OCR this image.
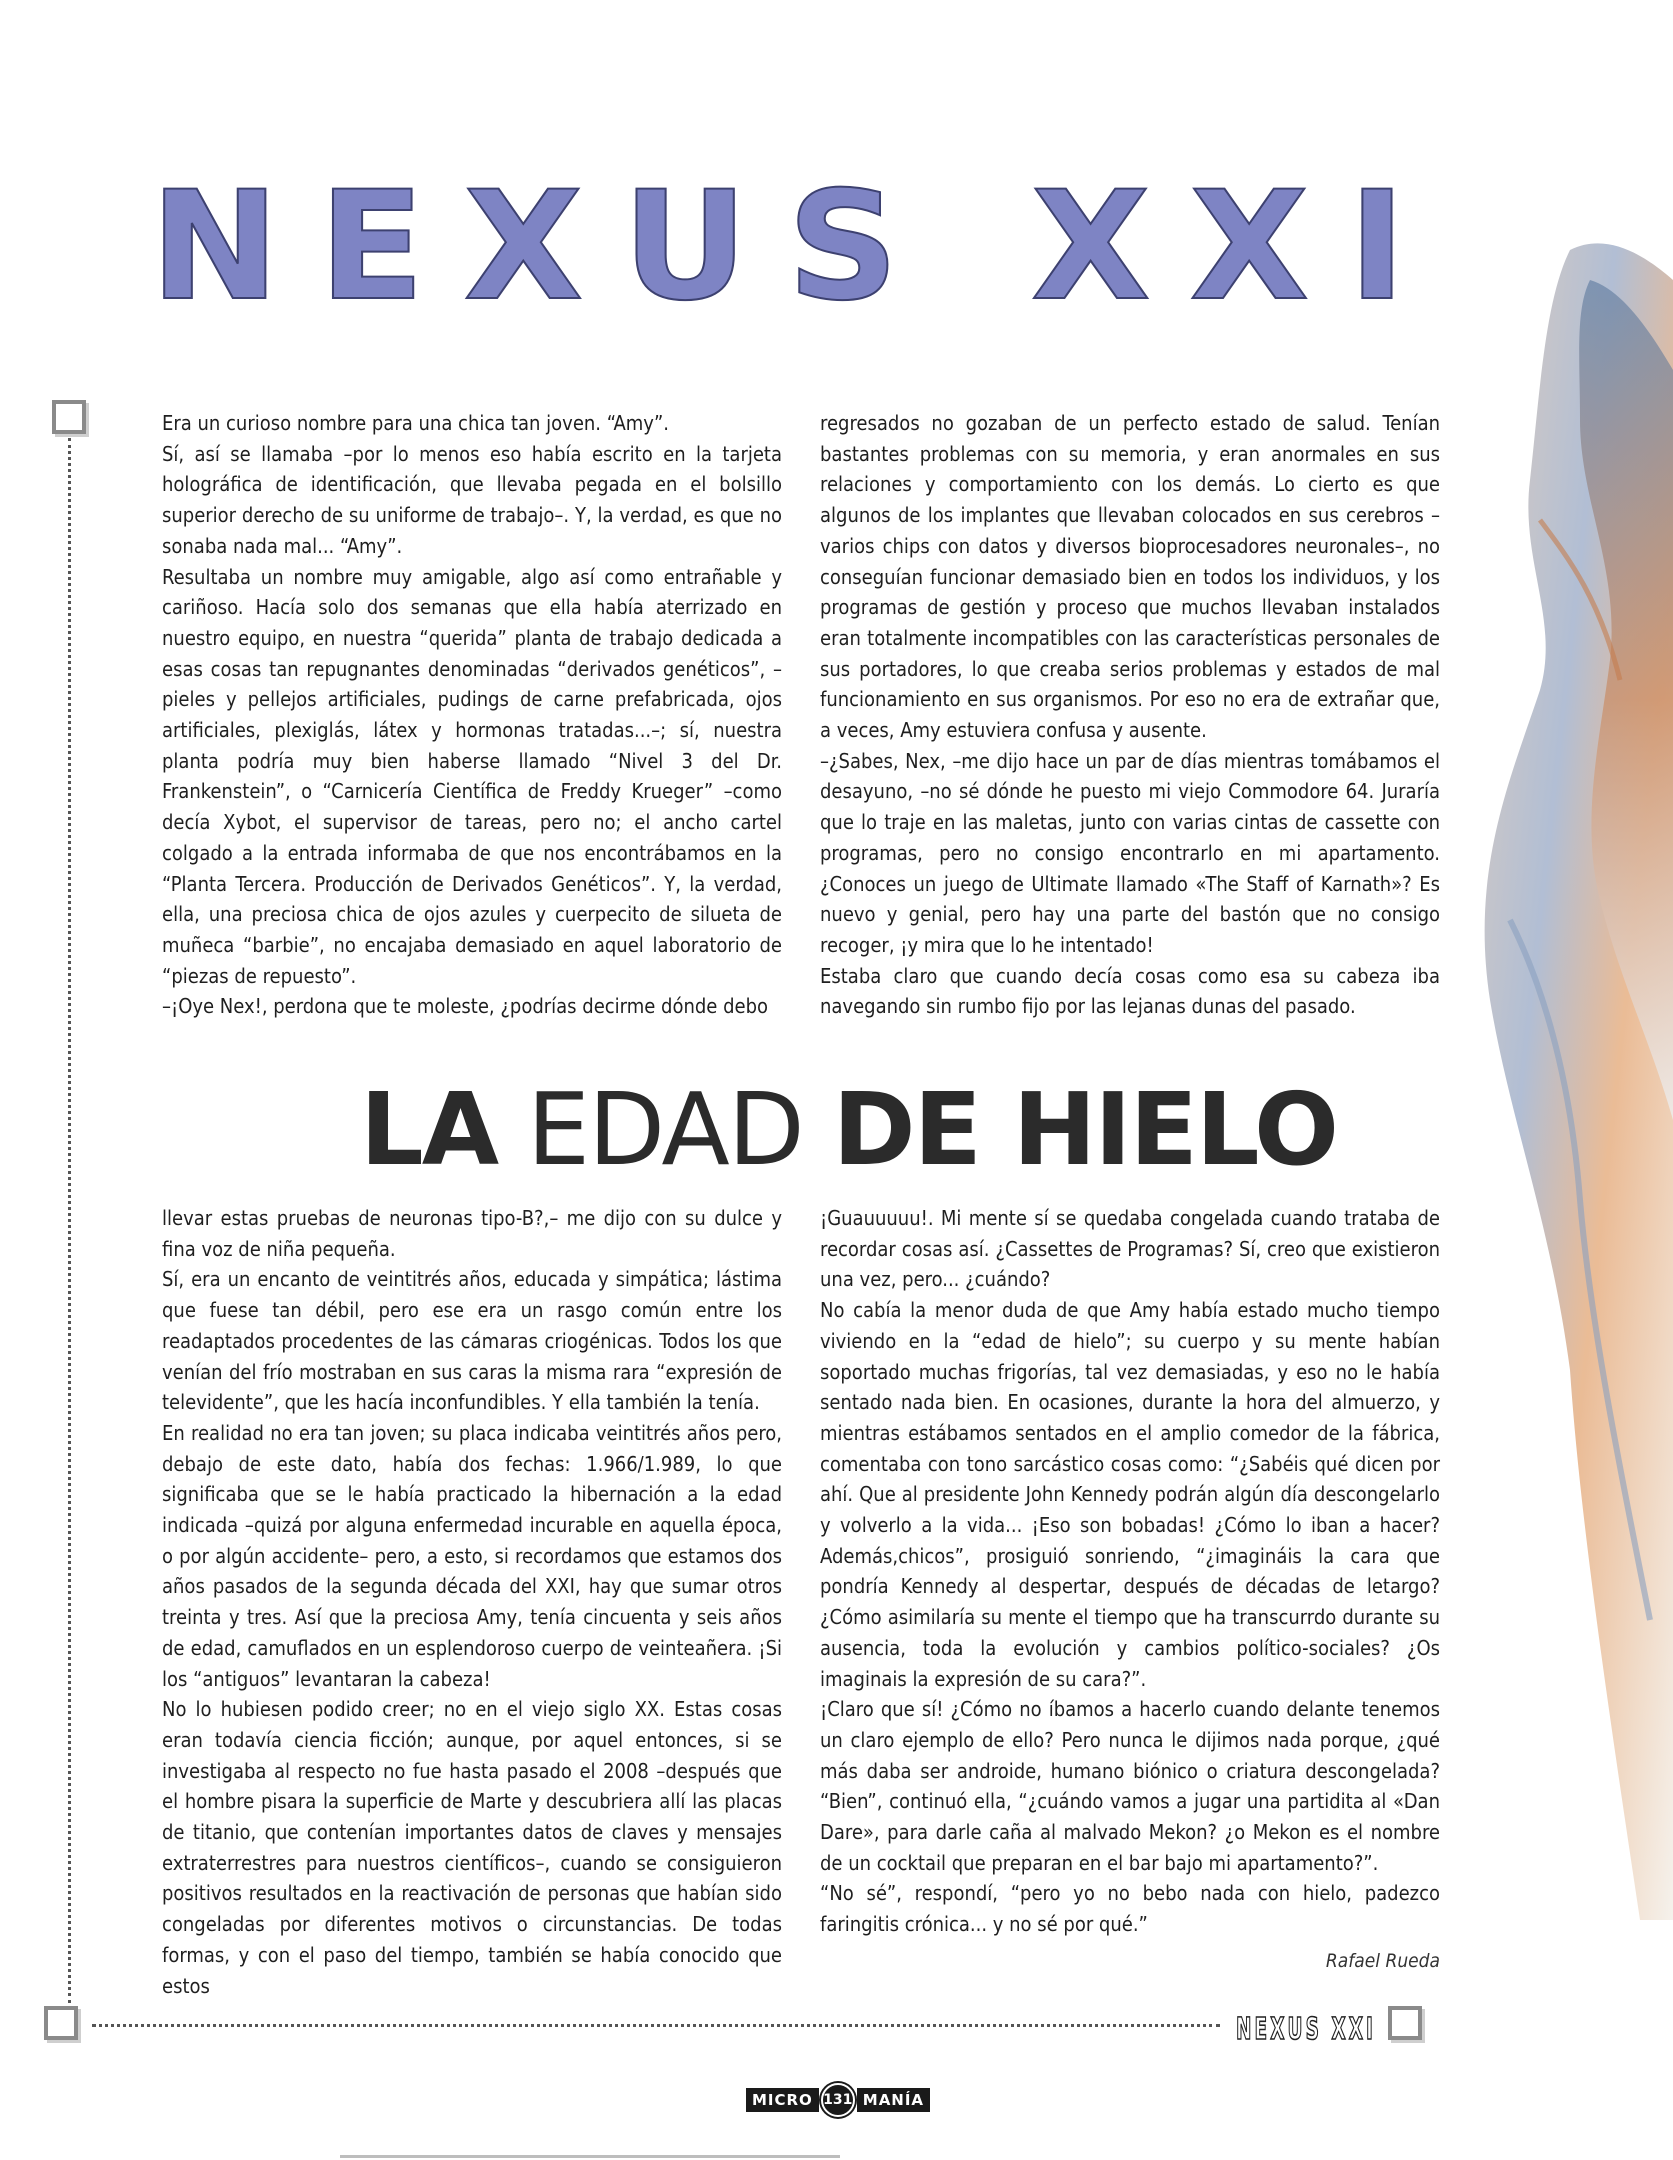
NEXUS XXI
NEXUS XXI

Era un curioso nombre para una chica tan joven. “Amy”.

Sí, así se llamaba –por lo menos eso había escrito en la tarjeta holográfica de identificación, que llevaba pegada en el bolsillo superior derecho de su uniforme de trabajo–. Y, la verdad, es que no sonaba nada mal... “Amy”.

Resultaba un nombre muy amigable, algo así como entrañable y cariñoso. Hacía solo dos semanas que ella había aterrizado en nuestro equipo, en nuestra “querida” planta de trabajo dedicada a esas cosas tan repugnantes denominadas “derivados genéticos”, –pieles y pellejos artificiales, pudings de carne prefabricada, ojos artificiales, plexiglás, látex y hormonas tratadas...–; sí, nuestra planta podría muy bien haberse llamado “Nivel 3 del Dr. Frankenstein”, o “Carnicería Científica de Freddy Krueger” –como decía Xybot, el supervisor de tareas, pero no; el ancho cartel colgado a la entrada informaba de que nos encontrábamos en la “Planta Tercera. Producción de Derivados Genéticos”. Y, la verdad, ella, una preciosa chica de ojos azules y cuerpecito de silueta de muñeca “barbie”, no encajaba demasiado en aquel laboratorio de “piezas de repuesto”.

–¡Oye Nex!, perdona que te moleste, ¿podrías decirme dónde debo

regresados no gozaban de un perfecto estado de salud. Tenían bastantes problemas con su memoria, y eran anormales en sus relaciones y comportamiento con los demás. Lo cierto es que algunos de los implantes que llevaban colocados en sus cerebros –varios chips con datos y diversos bioprocesadores neuronales–, no conseguían funcionar demasiado bien en todos los individuos, y los programas de gestión y proceso que muchos llevaban instalados eran totalmente incompatibles con las características personales de sus portadores, lo que creaba serios problemas y estados de mal funcionamiento en sus organismos. Por eso no era de extrañar que, a veces, Amy estuviera confusa y ausente.

–¿Sabes, Nex, –me dijo hace un par de días mientras tomábamos el desayuno, –no sé dónde he puesto mi viejo Commodore 64. Juraría que lo traje en las maletas, junto con varias cintas de cassette con programas, pero no consigo encontrarlo en mi apartamento. ¿Conoces un juego de Ultimate llamado «The Staff of Karnath»? Es nuevo y genial, pero hay una parte del bastón que no consigo recoger, ¡y mira que lo he intentado!

Estaba claro que cuando decía cosas como esa su cabeza iba navegando sin rumbo fijo por las lejanas dunas del pasado.

LA EDAD DE HIELO

llevar estas pruebas de neuronas tipo-B?,– me dijo con su dulce y fina voz de niña pequeña.

Sí, era un encanto de veintitrés años, educada y simpática; lástima que fuese tan débil, pero ese era un rasgo común entre los readaptados procedentes de las cámaras criogénicas. Todos los que venían del frío mostraban en sus caras la misma rara “expresión de televidente”, que les hacía inconfundibles. Y ella también la tenía.

En realidad no era tan joven; su placa indicaba veintitrés años pero, debajo de este dato, había dos fechas: 1.966/1.989, lo que significaba que se le había practicado la hibernación a la edad indicada –quizá por alguna enfermedad incurable en aquella época, o por algún accidente– pero, a esto, si recordamos que estamos dos años pasados de la segunda década del XXI, hay que sumar otros treinta y tres. Así que la preciosa Amy, tenía cincuenta y seis años de edad, camuflados en un esplendoroso cuerpo de veinteañera. ¡Si los “antiguos” levantaran la cabeza!

No lo hubiesen podido creer; no en el viejo siglo XX. Estas cosas eran todavía ciencia ficción; aunque, por aquel entonces, si se investigaba al respecto no fue hasta pasado el 2008 –después que el hombre pisara la superficie de Marte y descubriera allí las placas de titanio, que contenían importantes datos de claves y mensajes extraterrestres para nuestros científicos–, cuando se consiguieron positivos resultados en la reactivación de personas que habían sido congeladas por diferentes motivos o circunstancias. De todas formas, y con el paso del tiempo, también se había conocido que estos

¡Guauuuuu!. Mi mente sí se quedaba congelada cuando trataba de recordar cosas así. ¿Cassettes de Programas? Sí, creo que existieron una vez, pero... ¿cuándo?

No cabía la menor duda de que Amy había estado mucho tiempo viviendo en la “edad de hielo”; su cuerpo y su mente habían soportado muchas frigorías, tal vez demasiadas, y eso no le había sentado nada bien. En ocasiones, durante la hora del almuerzo, y mientras estábamos sentados en el amplio comedor de la fábrica, comentaba con tono sarcástico cosas como: “¿Sabéis qué dicen por ahí. Que al presidente John Kennedy podrán algún día descongelarlo y volverlo a la vida... ¡Eso son bobadas! ¿Cómo lo iban a hacer? Además,chicos”, prosiguió sonriendo, “¿imagináis la cara que pondría Kennedy al despertar, después de décadas de letargo? ¿Cómo asimilaría su mente el tiempo que ha transcurrdo durante su ausencia, toda la evolución y cambios político-sociales? ¿Os imaginais la expresión de su cara?”.

¡Claro que sí! ¿Cómo no íbamos a hacerlo cuando delante tenemos un claro ejemplo de ello? Pero nunca le dijimos nada porque, ¿qué más daba ser androide, humano biónico o criatura descongelada? “Bien”, continuó ella, “¿cuándo vamos a jugar una partidita al «Dan Dare», para darle caña al malvado Mekon? ¿o Mekon es el nombre de un cocktail que preparan en el bar bajo mi apartamento?”.

“No sé”, respondí, “pero yo no bebo nada con hielo, padezco faringitis crónica... y no sé por qué.”

Rafael Rueda

MICRO 131 MANÍA
